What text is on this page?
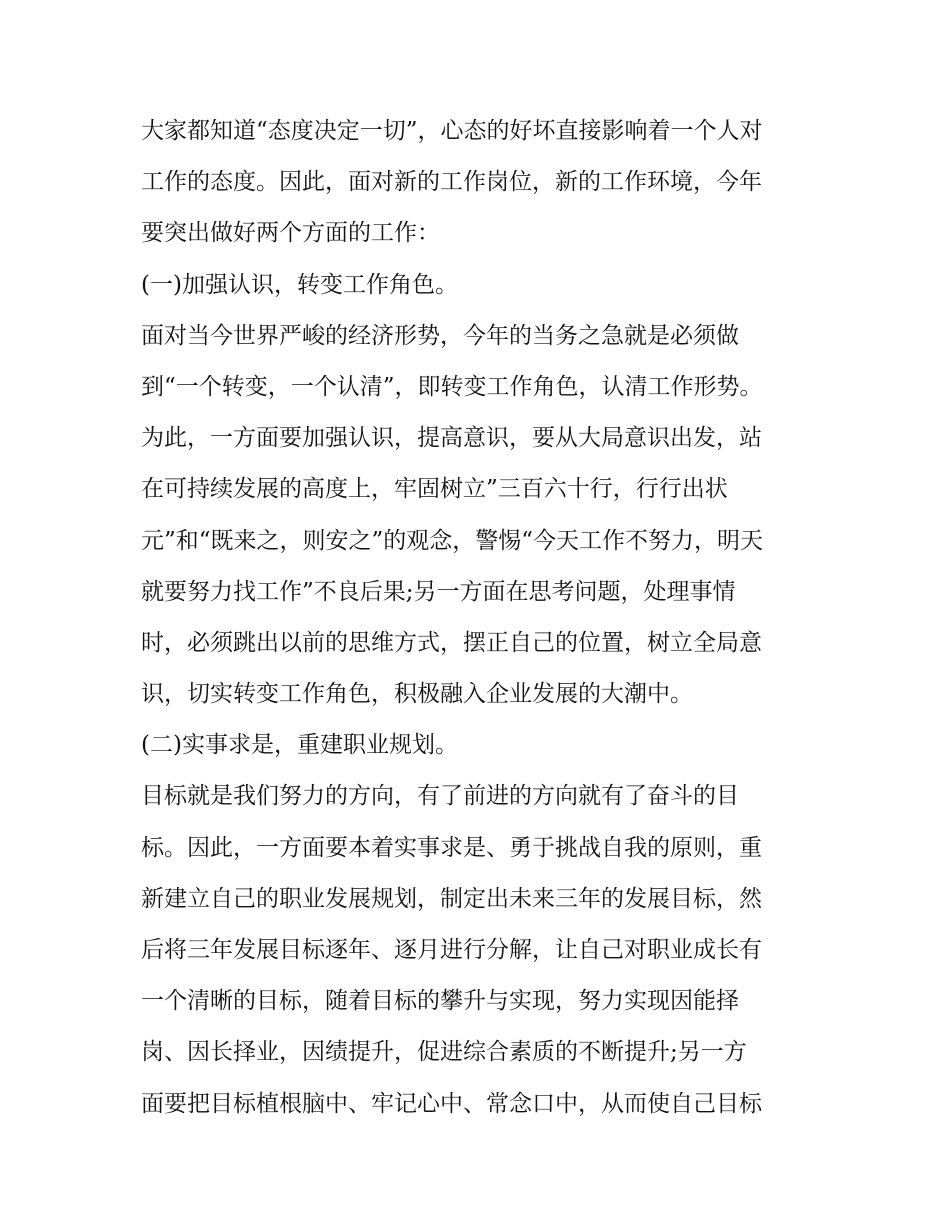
大家都知道“态度决定一切”，心态的好坏直接影响着一个人对
工作的态度。因此，面对新的工作岗位，新的工作环境，今年
要突出做好两个方面的工作：
(一)加强认识，转变工作角色。
面对当今世界严峻的经济形势，今年的当务之急就是必须做
到“一个转变，一个认清”，即转变工作角色，认清工作形势。
为此，一方面要加强认识，提高意识，要从大局意识出发，站
在可持续发展的高度上，牢固树立”三百六十行，行行出状
元”和“既来之，则安之”的观念，警惕“今天工作不努力，明天
就要努力找工作”不良后果;另一方面在思考问题，处理事情
时，必须跳出以前的思维方式，摆正自己的位置，树立全局意
识，切实转变工作角色，积极融入企业发展的大潮中。
(二)实事求是，重建职业规划。
目标就是我们努力的方向，有了前进的方向就有了奋斗的目
标。因此，一方面要本着实事求是、勇于挑战自我的原则，重
新建立自己的职业发展规划，制定出未来三年的发展目标，然
后将三年发展目标逐年、逐月进行分解，让自己对职业成长有
一个清晰的目标，随着目标的攀升与实现，努力实现因能择
岗、因长择业，因绩提升，促进综合素质的不断提升;另一方
面要把目标植根脑中、牢记心中、常念口中，从而使自己目标
